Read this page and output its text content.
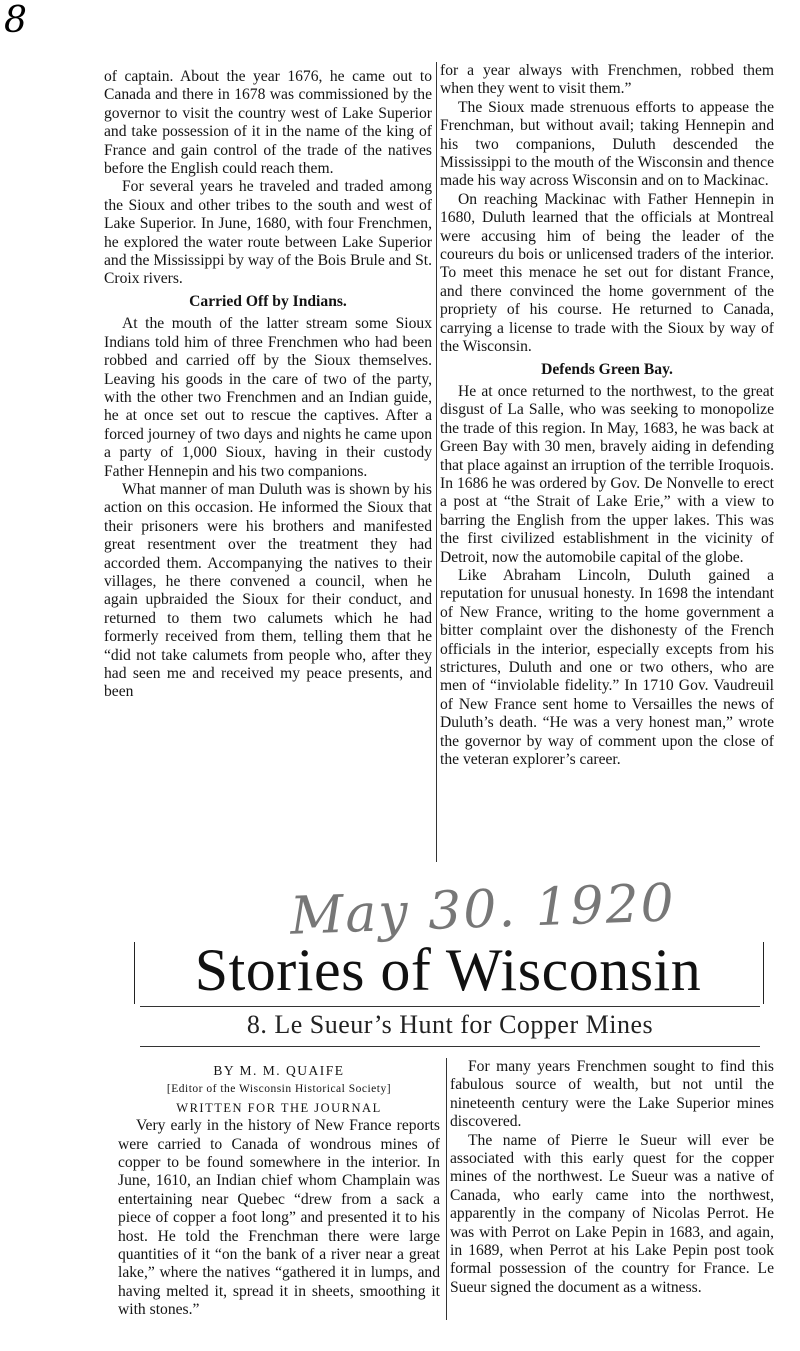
8

of captain. About the year 1676, he came out to Canada and there in 1678 was commissioned by the governor to visit the country west of Lake Superior and take possession of it in the name of the king of France and gain control of the trade of the natives before the English could reach them.

For several years he traveled and traded among the Sioux and other tribes to the south and west of Lake Superior. In June, 1680, with four Frenchmen, he explored the water route between Lake Superior and the Mississippi by way of the Bois Brule and St. Croix rivers.

Carried Off by Indians.

At the mouth of the latter stream some Sioux Indians told him of three Frenchmen who had been robbed and carried off by the Sioux themselves. Leaving his goods in the care of two of the party, with the other two Frenchmen and an Indian guide, he at once set out to rescue the captives. After a forced journey of two days and nights he came upon a party of 1,000 Sioux, having in their custody Father Hennepin and his two companions.

What manner of man Duluth was is shown by his action on this occasion. He informed the Sioux that their prisoners were his brothers and manifested great resentment over the treatment they had accorded them. Accompanying the natives to their villages, he there convened a council, when he again upbraided the Sioux for their conduct, and returned to them two calumets which he had formerly received from them, telling them that he “did not take calumets from people who, after they had seen me and received my peace presents, and been

for a year always with Frenchmen, robbed them when they went to visit them.”

The Sioux made strenuous efforts to appease the Frenchman, but without avail; taking Hennepin and his two companions, Duluth descended the Mississippi to the mouth of the Wisconsin and thence made his way across Wisconsin and on to Mackinac.

On reaching Mackinac with Father Hennepin in 1680, Duluth learned that the officials at Montreal were accusing him of being the leader of the coureurs du bois or unlicensed traders of the interior. To meet this menace he set out for distant France, and there convinced the home government of the propriety of his course. He returned to Canada, carrying a license to trade with the Sioux by way of the Wisconsin.

Defends Green Bay.

He at once returned to the northwest, to the great disgust of La Salle, who was seeking to monopolize the trade of this region. In May, 1683, he was back at Green Bay with 30 men, bravely aiding in defending that place against an irruption of the terrible Iroquois. In 1686 he was ordered by Gov. De Nonvelle to erect a post at “the Strait of Lake Erie,” with a view to barring the English from the upper lakes. This was the first civilized establishment in the vicinity of Detroit, now the automobile capital of the globe.

Like Abraham Lincoln, Duluth gained a reputation for unusual honesty. In 1698 the intendant of New France, writing to the home government a bitter complaint over the dishonesty of the French officials in the interior, especially excepts from his strictures, Duluth and one or two others, who are men of “inviolable fidelity.” In 1710 Gov. Vaudreuil of New France sent home to Versailles the news of Duluth’s death. “He was a very honest man,” wrote the governor by way of comment upon the close of the veteran explorer’s career.

May 30. 1920
Stories of Wisconsin
8. Le Sueur’s Hunt for Copper Mines

BY M. M. QUAIFE

[Editor of the Wisconsin Historical Society]

WRITTEN FOR THE JOURNAL

Very early in the history of New France reports were carried to Canada of wondrous mines of copper to be found somewhere in the interior. In June, 1610, an Indian chief whom Champlain was entertaining near Quebec “drew from a sack a piece of copper a foot long” and presented it to his host. He told the Frenchman there were large quantities of it “on the bank of a river near a great lake,” where the natives “gathered it in lumps, and having melted it, spread it in sheets, smoothing it with stones.”

For many years Frenchmen sought to find this fabulous source of wealth, but not until the nineteenth century were the Lake Superior mines discovered.

The name of Pierre le Sueur will ever be associated with this early quest for the copper mines of the northwest. Le Sueur was a native of Canada, who early came into the northwest, apparently in the company of Nicolas Perrot. He was with Perrot on Lake Pepin in 1683, and again, in 1689, when Perrot at his Lake Pepin post took formal possession of the country for France. Le Sueur signed the document as a witness.
